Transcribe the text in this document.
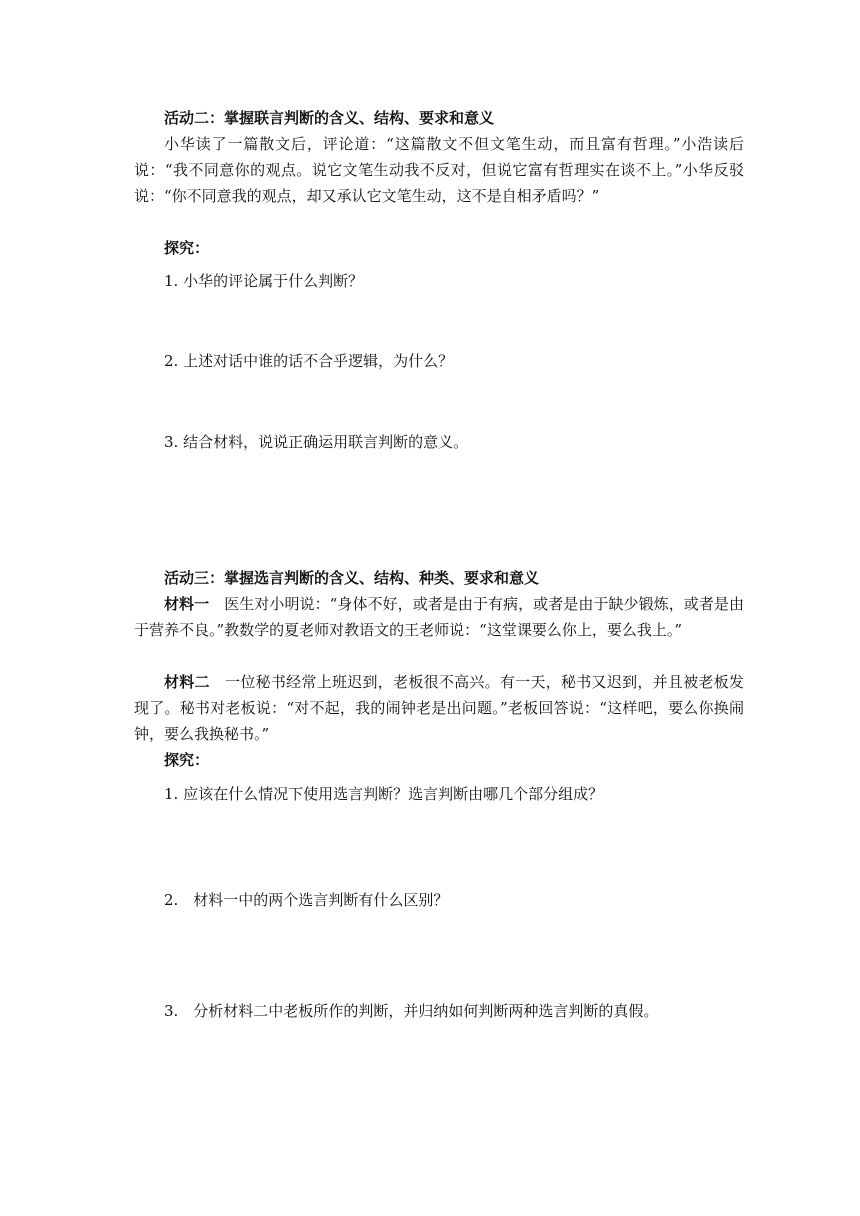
活动二：掌握联言判断的含义、结构、要求和意义

小华读了一篇散文后，评论道：“这篇散文不但文笔生动，而且富有哲理。”小浩读后说：“我不同意你的观点。说它文笔生动我不反对，但说它富有哲理实在谈不上。”小华反驳说：“你不同意我的观点，却又承认它文笔生动，这不是自相矛盾吗？”

探究：

1. 小华的评论属于什么判断？

2. 上述对话中谁的话不合乎逻辑，为什么？

3. 结合材料，说说正确运用联言判断的意义。

活动三：掌握选言判断的含义、结构、种类、要求和意义

材料一　 医生对小明说：“身体不好，或者是由于有病，或者是由于缺少锻炼，或者是由于营养不良。”教数学的夏老师对教语文的王老师说：“这堂课要么你上，要么我上。”

材料二　 一位秘书经常上班迟到，老板很不高兴。有一天，秘书又迟到，并且被老板发现了。秘书对老板说：“对不起，我的闹钟老是出问题。”老板回答说：“这样吧，要么你换闹钟，要么我换秘书。”

探究：

1. 应该在什么情况下使用选言判断？选言判断由哪几个部分组成？

2.　材料一中的两个选言判断有什么区别？

3.　分析材料二中老板所作的判断，并归纳如何判断两种选言判断的真假。
